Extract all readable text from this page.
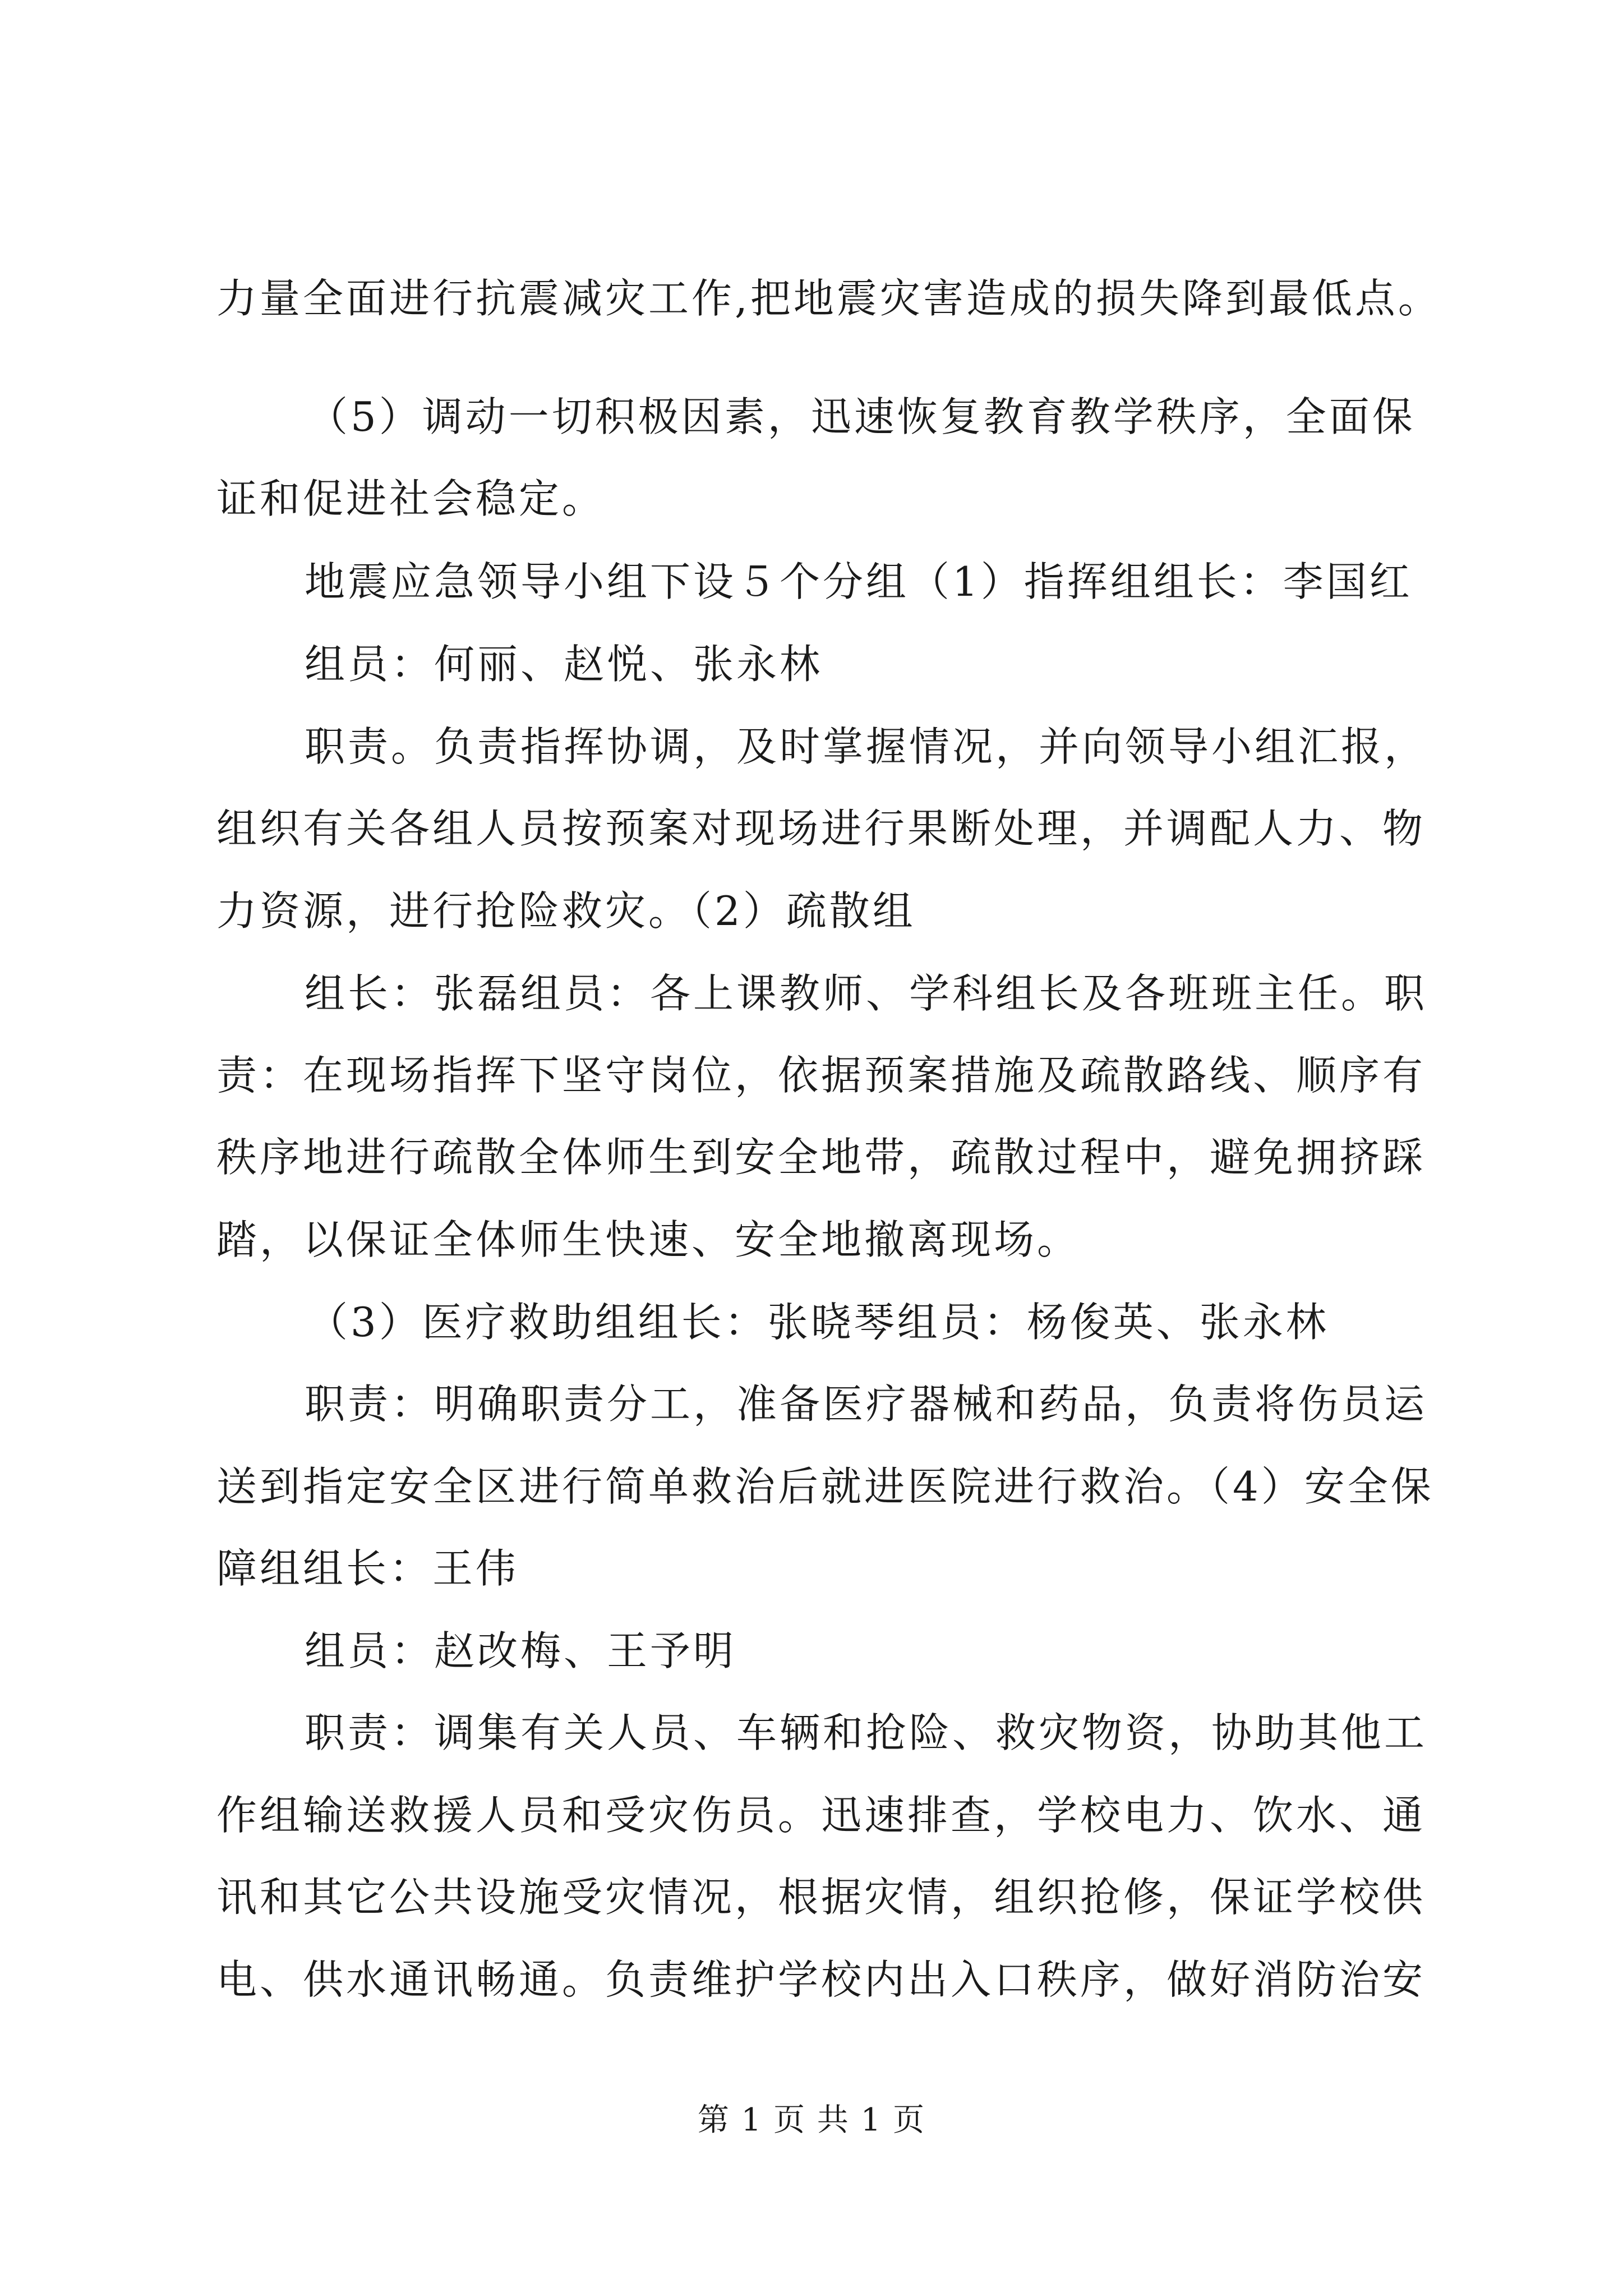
力量全面进行抗震减灾工作,把地震灾害造成的损失降到最低点。
（5）调动一切积极因素，迅速恢复教育教学秩序，全面保
证和促进社会稳定。
地震应急领导小组下设５个分组（1）指挥组组长：李国红
组员：何丽、赵悦、张永林
职责。负责指挥协调，及时掌握情况，并向领导小组汇报，
组织有关各组人员按预案对现场进行果断处理，并调配人力、物
力资源，进行抢险救灾。（2）疏散组
组长：张磊组员：各上课教师、学科组长及各班班主任。职
责：在现场指挥下坚守岗位，依据预案措施及疏散路线、顺序有
秩序地进行疏散全体师生到安全地带，疏散过程中，避免拥挤踩
踏，以保证全体师生快速、安全地撤离现场。
（3）医疗救助组组长：张晓琴组员：杨俊英、张永林
职责：明确职责分工，准备医疗器械和药品，负责将伤员运
送到指定安全区进行简单救治后就进医院进行救治。（4）安全保
障组组长：王伟
组员：赵改梅、王予明
职责：调集有关人员、车辆和抢险、救灾物资，协助其他工
作组输送救援人员和受灾伤员。迅速排查，学校电力、饮水、通
讯和其它公共设施受灾情况，根据灾情，组织抢修，保证学校供
电、供水通讯畅通。负责维护学校内出入口秩序，做好消防治安
第 1 页 共 1 页
